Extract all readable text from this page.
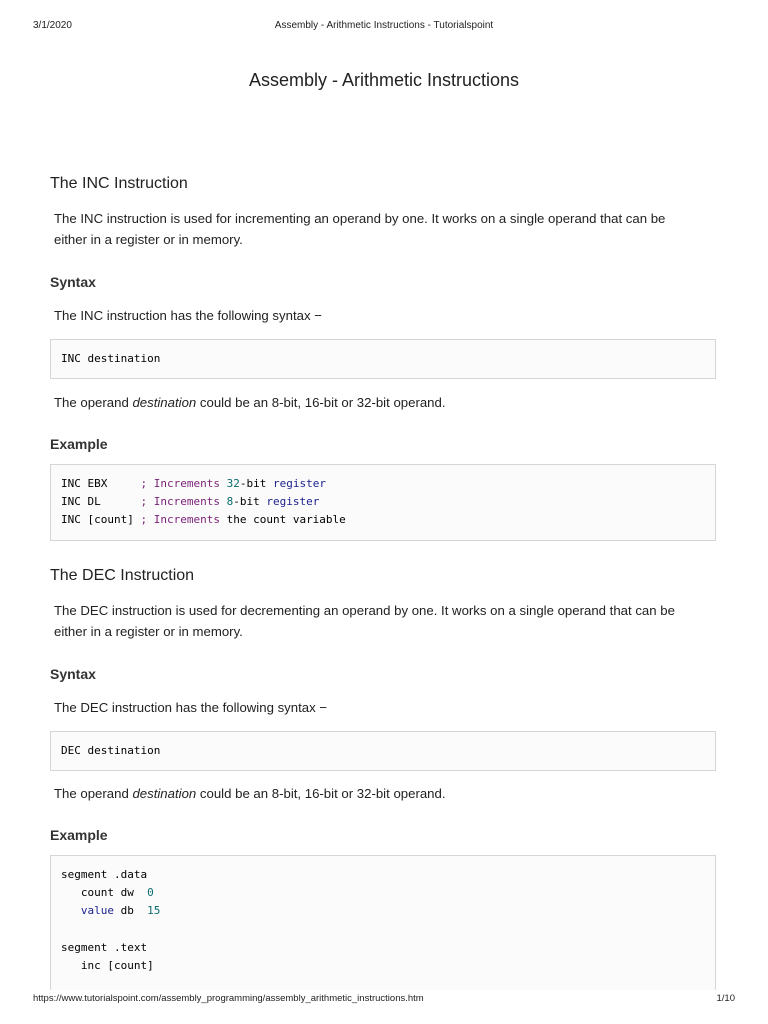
3/1/2020	Assembly - Arithmetic Instructions - Tutorialspoint
Assembly - Arithmetic Instructions
The INC Instruction

The INC instruction is used for incrementing an operand by one. It works on a single operand that can be

either in a register or in memory.

Syntax

The INC instruction has the following syntax −

INC destination

The operand destination could be an 8-bit, 16-bit or 32-bit operand.

Example
INC EBX     ; Increments 32-bit register
INC DL      ; Increments 8-bit register
INC [count] ; Increments the count variable
The DEC Instruction

The DEC instruction is used for decrementing an operand by one. It works on a single operand that can be

either in a register or in memory.

Syntax

The DEC instruction has the following syntax −

DEC destination

The operand destination could be an 8-bit, 16-bit or 32-bit operand.

Example
segment .data
count dw  0
value db  15
segment .text
inc [count]
https://www.tutorialspoint.com/assembly_programming/assembly_arithmetic_instructions.htm	1/10
